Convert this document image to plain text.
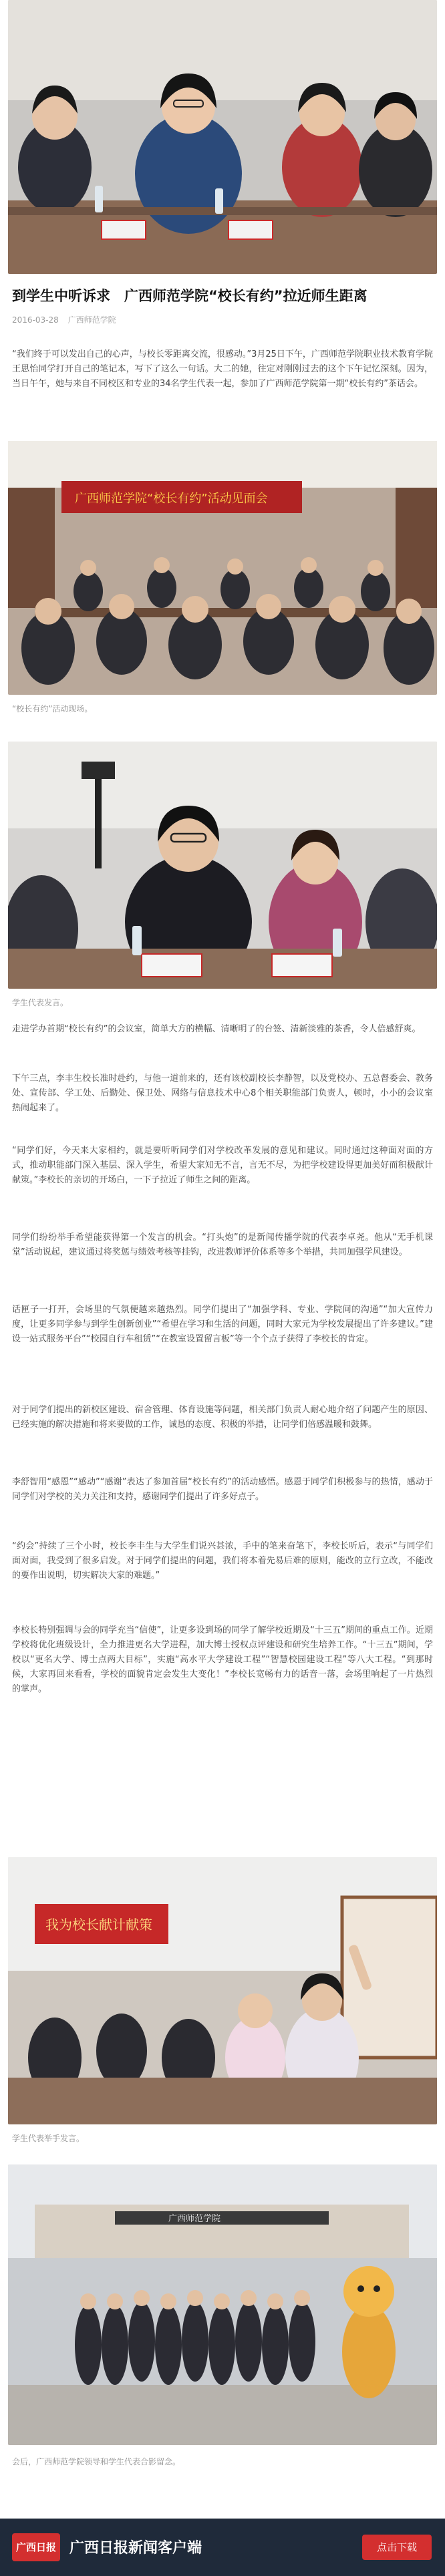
到学生中听诉求　广西师范学院“校长有约”拉近师生距离
2016-03-28 广西师范学院

“我们终于可以发出自己的心声，与校长零距离交流，很感动。”3月25日下午，广西师范学院职业技术教育学院王思怡同学打开自己的笔记本，写下了这么一句话。大二的她，往定对刚刚过去的这个下午记忆深刻。因为，当日午午，她与来自不同校区和专业的34名学生代表一起，参加了广西师范学院第一期“校长有约”茶话会。

广西师范学院“校长有约”活动见面会
“校长有约”活动现场。
学生代表发言。

走进学办首期“校长有约”的会议室，简单大方的横幅、清晰明了的台签、清新淡雅的茶香，令人倍感舒爽。

下午三点，李丰生校长准时赴约，与他一道前来的，还有该校副校长李静智，以及党校办、五总督委会、教务处、宣传部、学工处、后勤处、保卫处、网络与信息技术中心8个相关职能部门负责人，顿时，小小的会议室热闹起来了。

“同学们好，今天来大家相约，就是要听听同学们对学校改革发展的意见和建议。同时通过这种面对面的方式，推动职能部门深入基层、深入学生，希望大家知无不言，言无不尽，为把学校建设得更加美好而积极献计献策。”李校长的亲切的开场白，一下子拉近了师生之间的距离。

同学们纷纷举手希望能获得第一个发言的机会。“打头炮”的是新闻传播学院的代表李卓尧。他从“无手机课堂”活动说起，建议通过将奖惩与绩效考核等挂钩，改进教师评价体系等多个举措，共同加强学风建设。

话匣子一打开，会场里的气氛便越来越热烈。同学们提出了“加强学科、专业、学院间的沟通”“加大宣传力度，让更多同学参与到学生创新创业”“希望在学习和生活的问题，同时大家元为学校发展提出了许多建议。”建设一站式服务平台”“校园自行车租赁”“在教室设置留言板”等一个个点子获得了李校长的肯定。

对于同学们提出的新校区建设、宿舍管理、体育设施等问题，相关部门负责人耐心地介绍了问题产生的原因、已经实施的解决措施和将来要做的工作，诚恳的态度、积极的举措，让同学们倍感温暖和鼓舞。

李舒智用“感恩”“感动”“感谢”表达了参加首届“校长有约”的活动感悟。感恩于同学们积极参与的热情，感动于同学们对学校的关力关注和支持，感谢同学们提出了许多好点子。

“约会”持续了三个小时，校长李丰生与大学生们说兴甚浓，手中的笔来奋笔下，李校长听后，表示“与同学们面对面，我受到了很多启发。对于同学们提出的问题，我们将本着先易后难的原则，能改的立行立改，不能改的要作出说明，切实解决大家的难题。”

李校长特别强调与会的同学充当“信使”，让更多设到场的同学了解学校近期及“十三五”期间的重点工作。近期学校将优化班级设计，全力推进更名大学进程，加大博士授权点评建设和研究生培养工作。“十三五”期间，学校以“更名大学、博士点两大目标”，实施“高水平大学建设工程”“智慧校园建设工程”等八大工程。“到那时候，大家再回来看看，学校的面貌肯定会发生大变化！”李校长宽畅有力的话音一落，会场里响起了一片热烈的掌声。

我为校长献计献策
学生代表举手发言。
广西师范学院
会后，广西师范学院领导和学生代表合影留念。
广西日报 广西日报新闻客户端	点击下载
